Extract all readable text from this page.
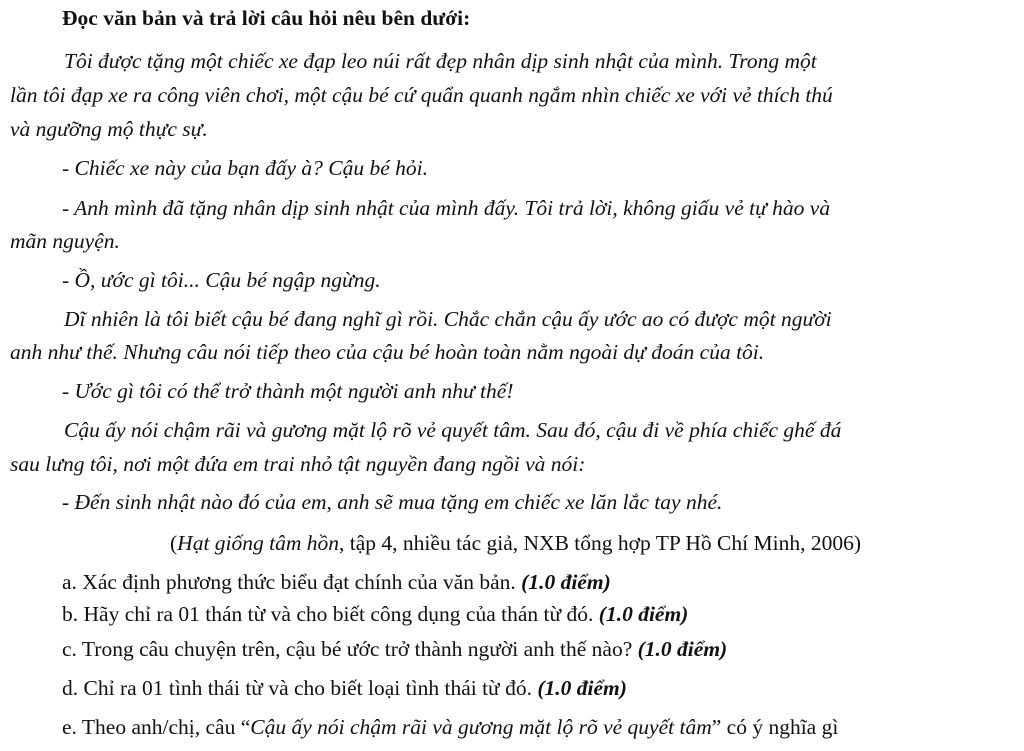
Đọc văn bản và trả lời câu hỏi nêu bên dưới:
Tôi được tặng một chiếc xe đạp leo núi rất đẹp nhân dịp sinh nhật của mình. Trong một
lần tôi đạp xe ra công viên chơi, một cậu bé cứ quẩn quanh ngắm nhìn chiếc xe với vẻ thích thú
và ngưỡng mộ thực sự.
- Chiếc xe này của bạn đấy à? Cậu bé hỏi.
- Anh mình đã tặng nhân dịp sinh nhật của mình đấy. Tôi trả lời, không giấu vẻ tự hào và
mãn nguyện.
- Ồ, ước gì tôi... Cậu bé ngập ngừng.
Dĩ nhiên là tôi biết cậu bé đang nghĩ gì rồi. Chắc chắn cậu ấy ước ao có được một người
anh như thế. Nhưng câu nói tiếp theo của cậu bé hoàn toàn nằm ngoài dự đoán của tôi.
- Ước gì tôi có thể trở thành một người anh như thế!
Cậu ấy nói chậm rãi và gương mặt lộ rõ vẻ quyết tâm. Sau đó, cậu đi về phía chiếc ghế đá
sau lưng tôi, nơi một đứa em trai nhỏ tật nguyền đang ngồi và nói:
- Đến sinh nhật nào đó của em, anh sẽ mua tặng em chiếc xe lăn lắc tay nhé.
(Hạt giống tâm hồn, tập 4, nhiều tác giả, NXB tổng hợp TP Hồ Chí Minh, 2006)
a. Xác định phương thức biểu đạt chính của văn bản. (1.0 điểm)
b. Hãy chỉ ra 01 thán từ và cho biết công dụng của thán từ đó. (1.0 điểm)
c. Trong câu chuyện trên, cậu bé ước trở thành người anh thế nào? (1.0 điểm)
d. Chỉ ra 01 tình thái từ và cho biết loại tình thái từ đó. (1.0 điểm)
e. Theo anh/chị, câu “Cậu ấy nói chậm rãi và gương mặt lộ rõ vẻ quyết tâm” có ý nghĩa gì
